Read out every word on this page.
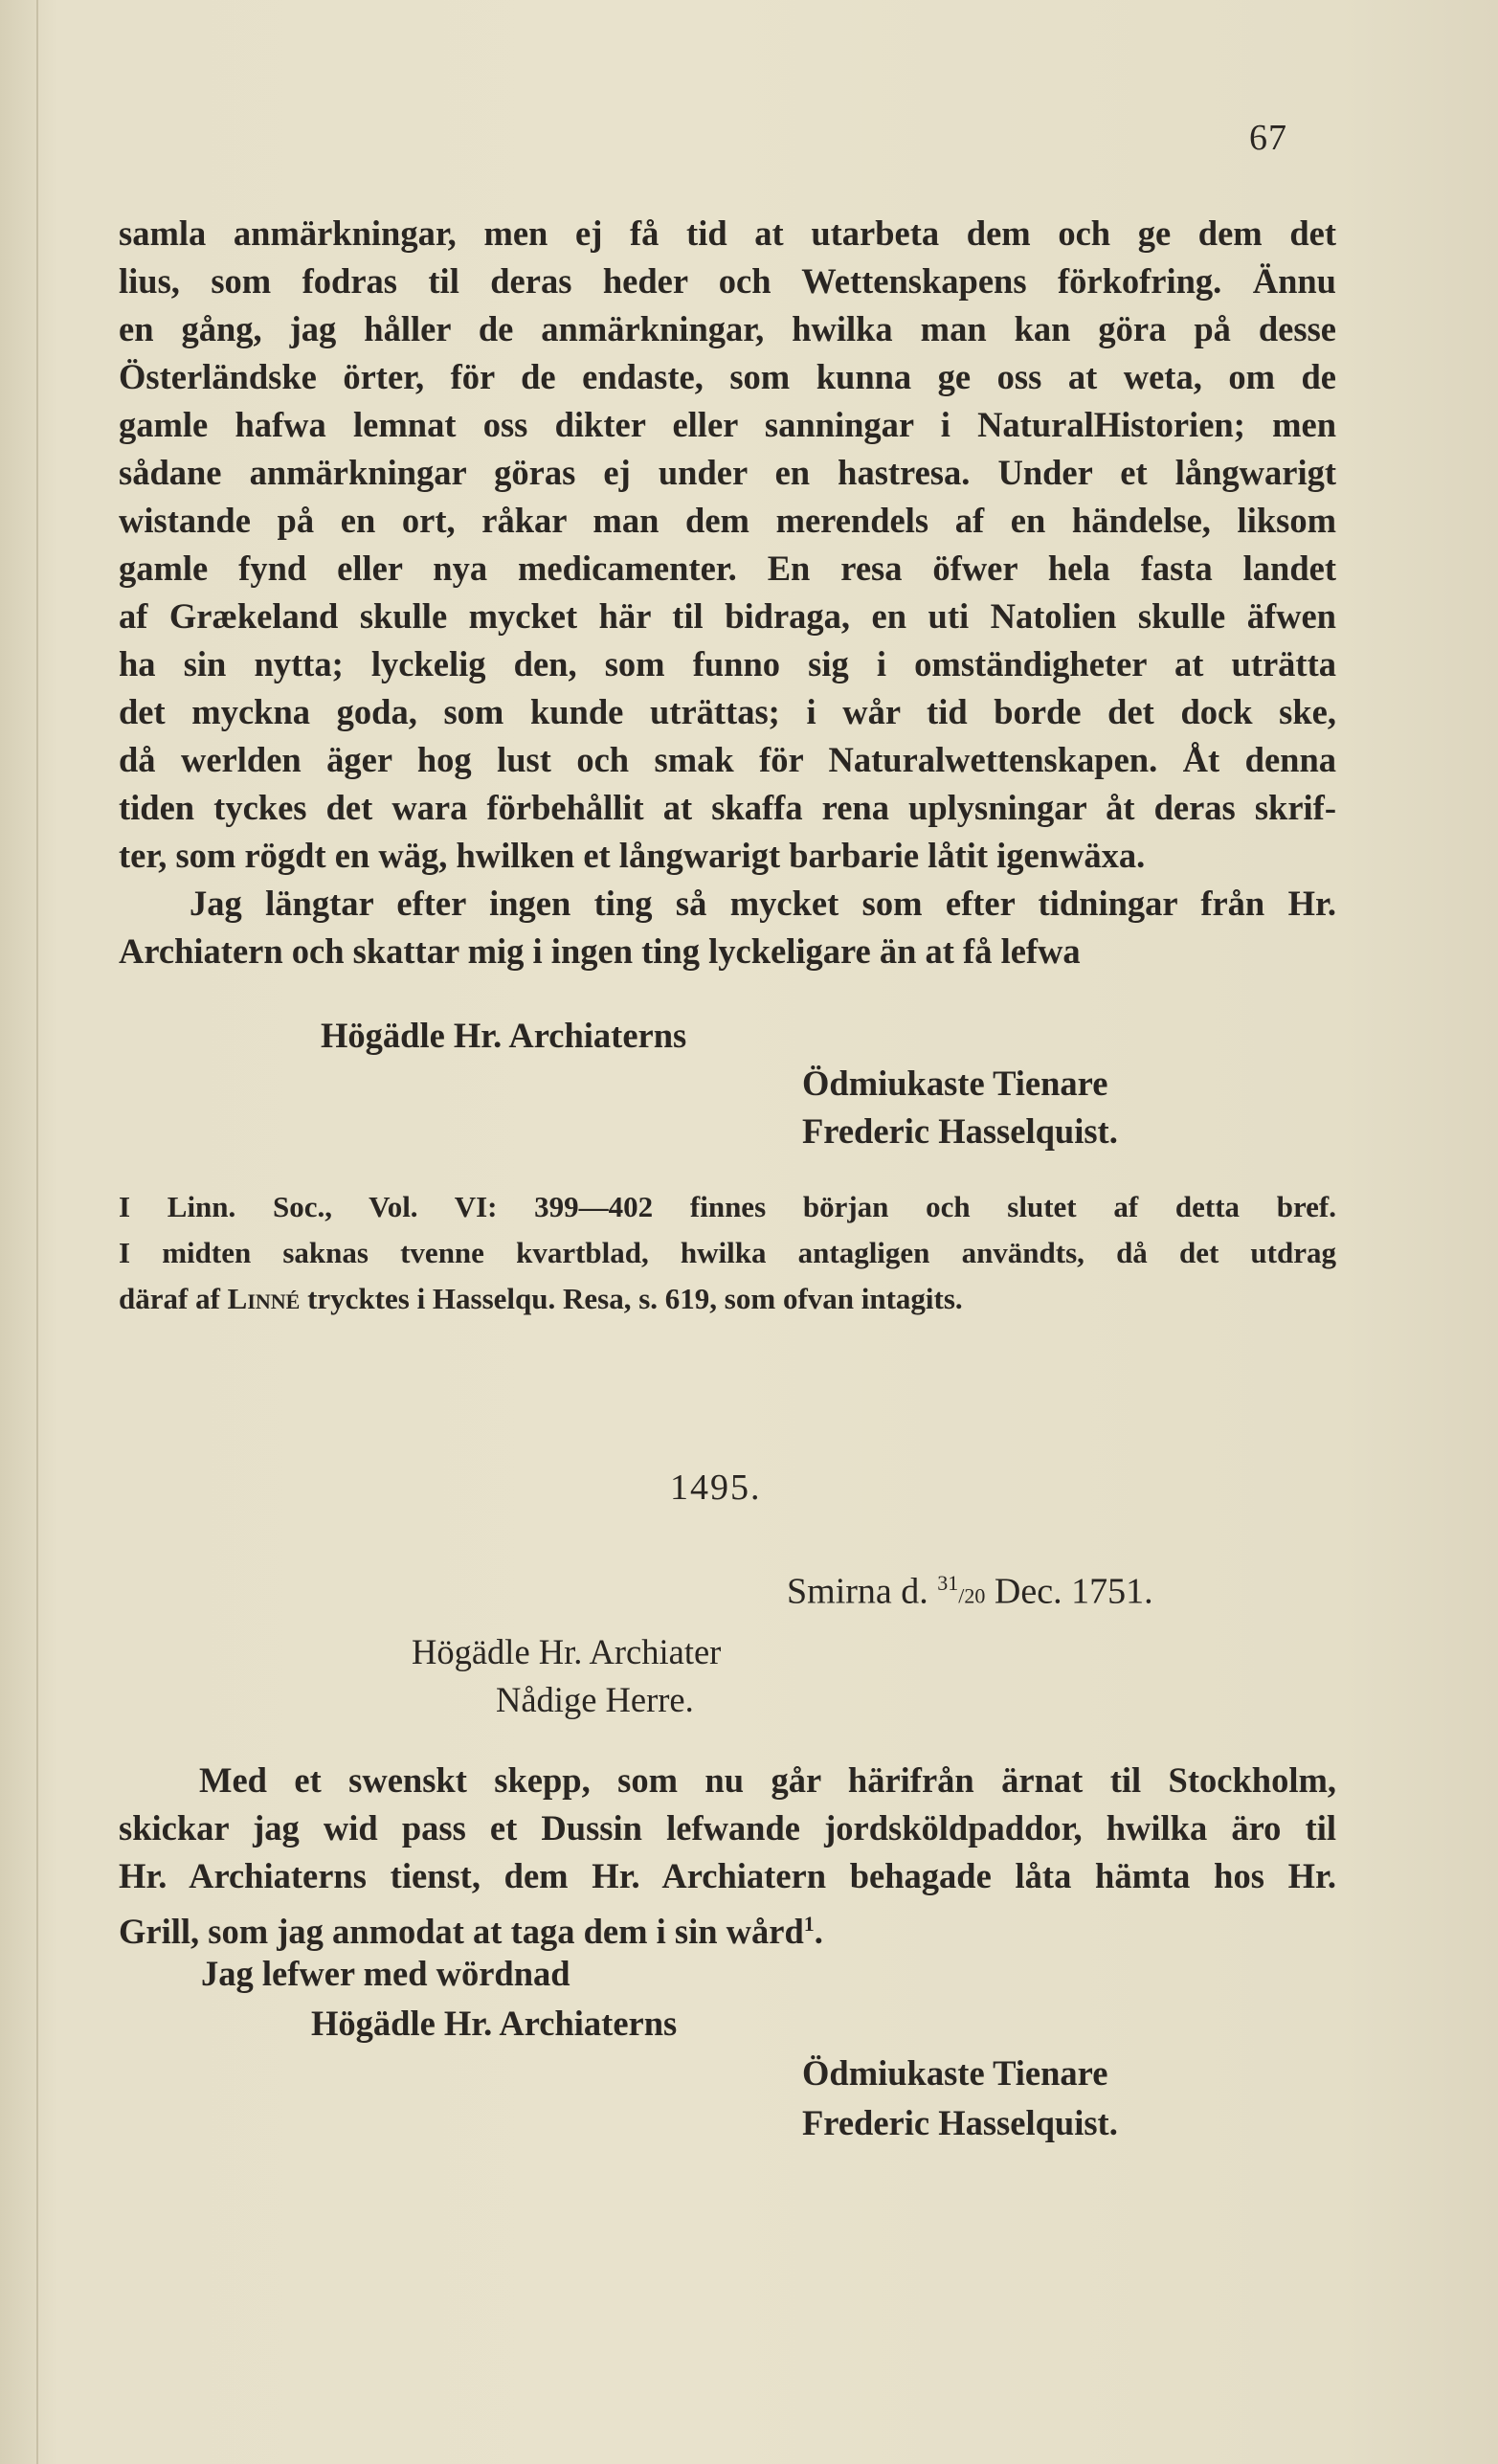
67
samla anmärkningar, men ej få tid at utarbeta dem och ge dem det
lius, som fodras til deras heder och Wettenskapens förkofring. Ännu
en gång, jag håller de anmärkningar, hwilka man kan göra på desse
Österländske örter, för de endaste, som kunna ge oss at weta, om de
gamle hafwa lemnat oss dikter eller sanningar i NaturalHistorien; men
sådane anmärkningar göras ej under en hastresa. Under et långwarigt
wistande på en ort, råkar man dem merendels af en händelse, liksom
gamle fynd eller nya medicamenter. En resa öfwer hela fasta landet
af Grækeland skulle mycket här til bidraga, en uti Natolien skulle äfwen
ha sin nytta; lyckelig den, som funno sig i omständigheter at uträtta
det myckna goda, som kunde uträttas; i wår tid borde det dock ske,
då werlden äger hog lust och smak för Naturalwettenskapen. Åt denna
tiden tyckes det wara förbehållit at skaffa rena uplysningar åt deras skrif-
ter, som rögdt en wäg, hwilken et långwarigt barbarie låtit igenwäxa.
Jag längtar efter ingen ting så mycket som efter tidningar från Hr.
Archiatern och skattar mig i ingen ting lyckeligare än at få lefwa
Högädle Hr. Archiaterns
Ödmiukaste Tienare
Frederic Hasselquist.
I Linn. Soc., Vol. VI: 399—402 finnes början och slutet af detta bref.
I midten saknas tvenne kvartblad, hwilka antagligen användts, då det utdrag
däraf af Linné trycktes i Hasselqu. Resa, s. 619, som ofvan intagits.
1495.
Smirna d. $^{31}$/20 Dec. 1751.
Högädle Hr. Archiater
Nådige Herre.
Med et swenskt skepp, som nu går härifrån ärnat til Stockholm,
skickar jag wid pass et Dussin lefwande jordsköldpaddor, hwilka äro til
Hr. Archiaterns tienst, dem Hr. Archiatern behagade låta hämta hos Hr.
Grill, som jag anmodat at taga dem i sin wård$^1$.
Jag lefwer med wördnad
Högädle Hr. Archiaterns
Ödmiukaste Tienare
Frederic Hasselquist.
